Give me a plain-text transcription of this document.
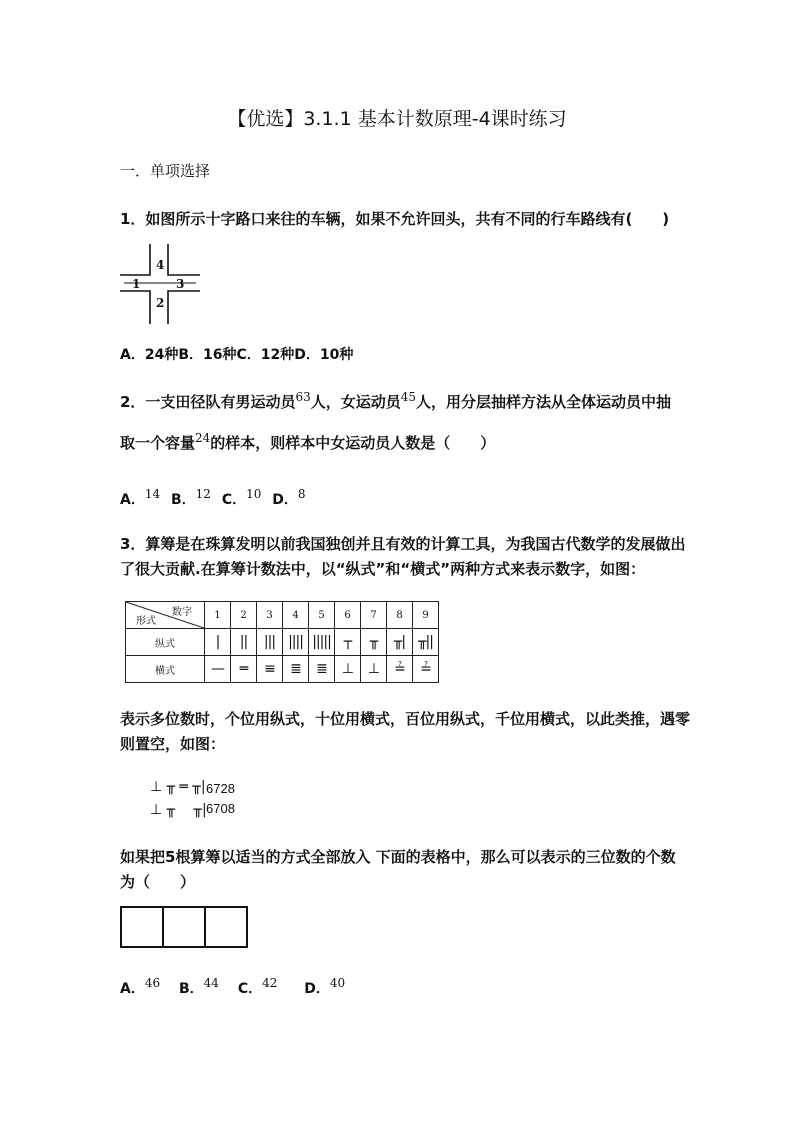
【优选】3.1.1 基本计数原理-4课时练习
一．单项选择
1．如图所示十字路口来往的车辆，如果不允许回头，共有不同的行车路线有(　　)
4
1	3
2
A．24种B．16种C．12种D．10种
2．一支田径队有男运动员$^{63}$人，女运动员$^{45}$人，用分层抽样方法从全体运动员中抽
取一个容量$^{24}$的样本，则样本中女运动员人数是（　　）
A．$^{14}$ B．$^{12}$ C．$^{10}$ D．$^8$
3．算筹是在珠算发明以前我国独创并且有效的计算工具，为我国古代数学的发展做出
了很大贡献.在算筹计数法中，以“纵式”和“横式”两种方式来表示数字，如图：
数字
形式	1	2	3	4	5	6	7	8	9
纵式	|	||	|||	||||	|||||	┬	╥	╥|	╥||
横式	—	═	≡	≣	≣	⊥	⊥	≟	≟
表示多位数时，个位用纵式，十位用横式，百位用纵式，千位用横式，以此类推，遇零
则置空，如图：
⊥ ╥ ═ ╥| 6728
⊥ ╥　 ╥| 6708
如果把5根算筹以适当的方式全部放入 下面的表格中，那么可以表示的三位数的个数
为（　　）

A．$^{46}$ B．$^{44}$ C．$^{42}$ D．$^{40}$
